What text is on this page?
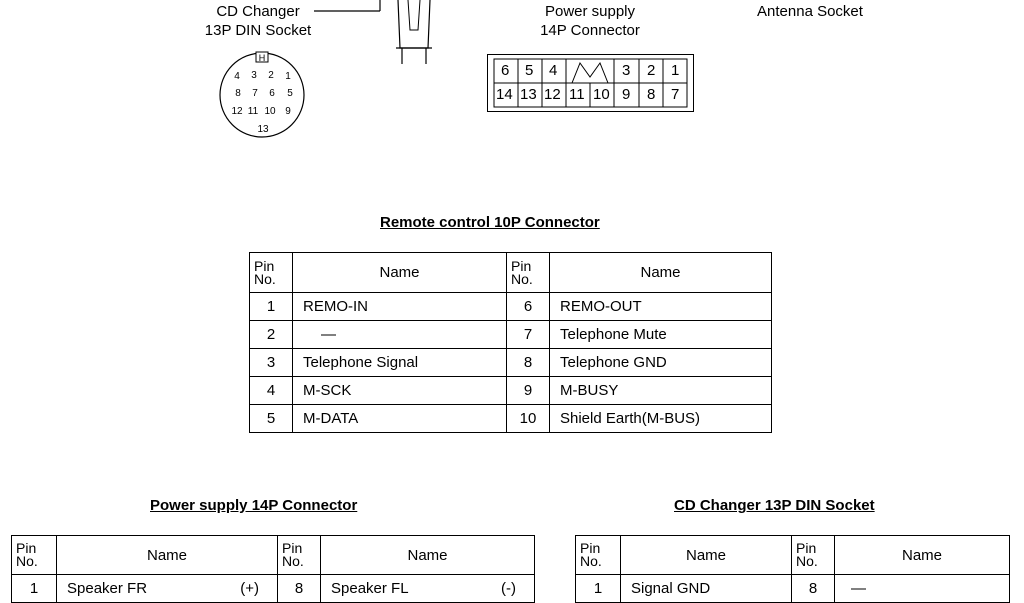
CD Changer
13P DIN Socket
Power supply
14P Connector
Antenna Socket
H
4 3 2 1
8 7 6 5
12 11 10 9
13
6 5 4	3 2 1
14 13 12 11 10 9 8 7
Remote control 10P Connector
Pin No.	Name	Pin No.	Name
1	REMO-IN	6	REMO-OUT
2	—	7	Telephone Mute
3	Telephone Signal	8	Telephone GND
4	M-SCK	9	M-BUSY
5	M-DATA	10	Shield Earth(M-BUS)
Power supply 14P Connector
Pin No.	Name	Pin No.	Name
1	Speaker FR (+)	8	Speaker FL (-)
CD Changer 13P DIN Socket
Pin No.	Name	Pin No.	Name
1	Signal GND	8	—
